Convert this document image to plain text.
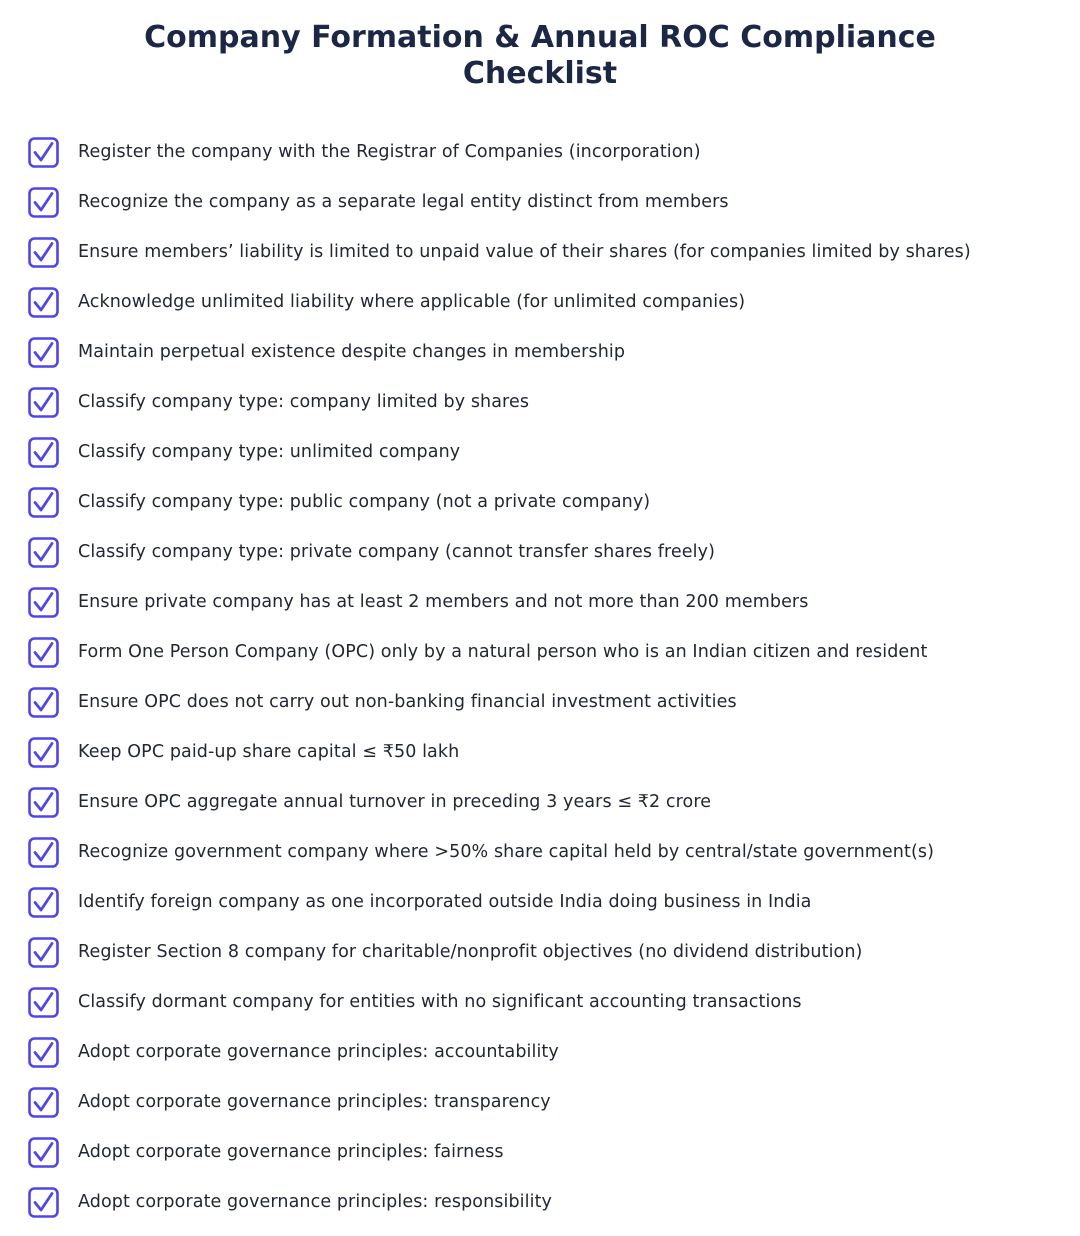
Company Formation & Annual ROC Compliance
Checklist
Register the company with the Registrar of Companies (incorporation)
Recognize the company as a separate legal entity distinct from members
Ensure members’ liability is limited to unpaid value of their shares (for companies limited by shares)
Acknowledge unlimited liability where applicable (for unlimited companies)
Maintain perpetual existence despite changes in membership
Classify company type: company limited by shares
Classify company type: unlimited company
Classify company type: public company (not a private company)
Classify company type: private company (cannot transfer shares freely)
Ensure private company has at least 2 members and not more than 200 members
Form One Person Company (OPC) only by a natural person who is an Indian citizen and resident
Ensure OPC does not carry out non-banking financial investment activities
Keep OPC paid-up share capital ≤ ₹50 lakh
Ensure OPC aggregate annual turnover in preceding 3 years ≤ ₹2 crore
Recognize government company where >50% share capital held by central/state government(s)
Identify foreign company as one incorporated outside India doing business in India
Register Section 8 company for charitable/nonprofit objectives (no dividend distribution)
Classify dormant company for entities with no significant accounting transactions
Adopt corporate governance principles: accountability
Adopt corporate governance principles: transparency
Adopt corporate governance principles: fairness
Adopt corporate governance principles: responsibility
